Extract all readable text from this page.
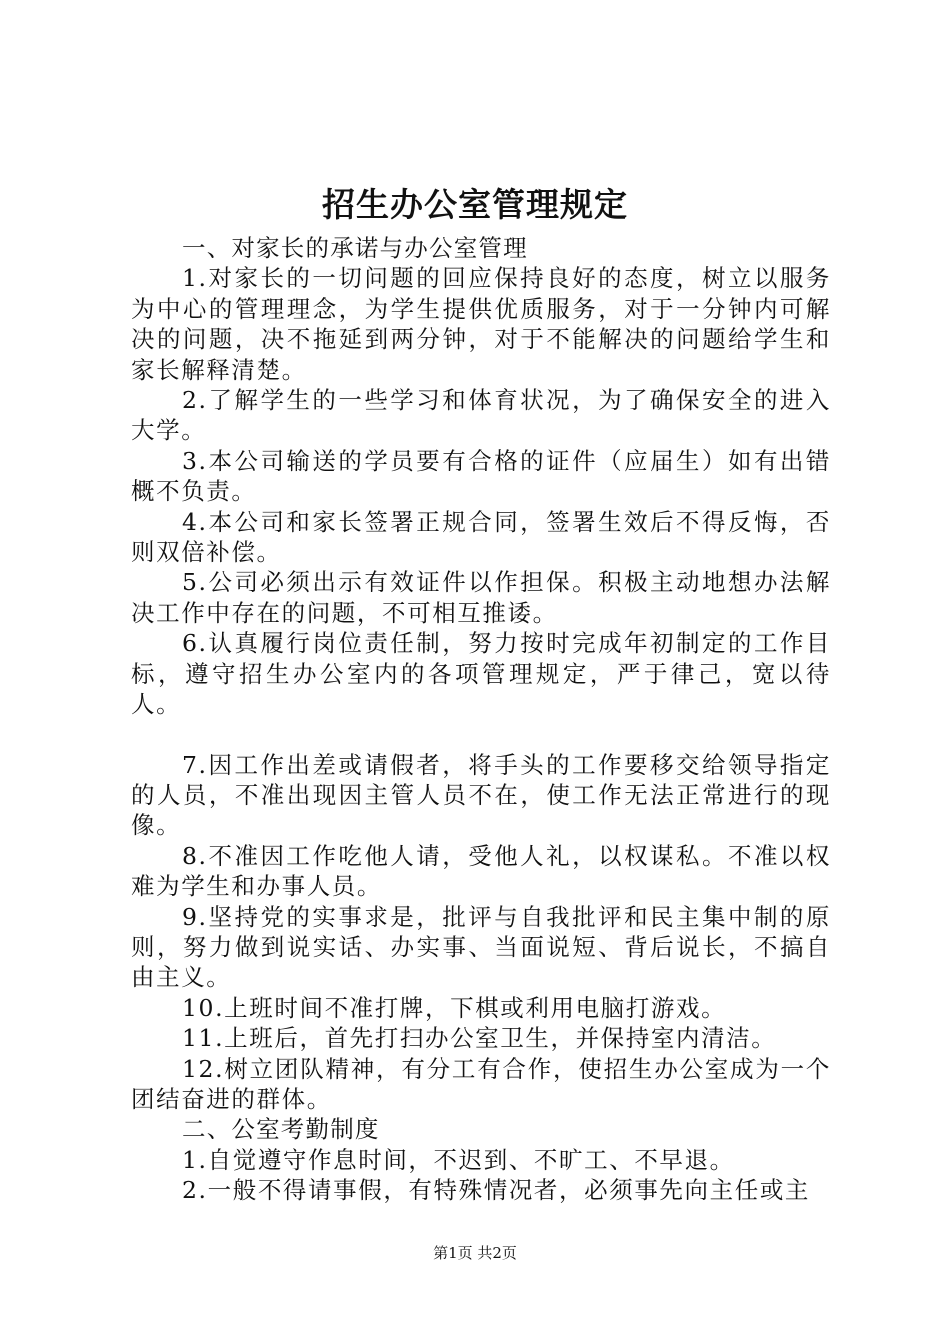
招生办公室管理规定

一、对家长的承诺与办公室管理

1.对家长的一切问题的回应保持良好的态度，树立以服务为中心的管理理念，为学生提供优质服务，对于一分钟内可解决的问题，决不拖延到两分钟，对于不能解决的问题给学生和家长解释清楚。

2.了解学生的一些学习和体育状况，为了确保安全的进入大学。

3.本公司输送的学员要有合格的证件（应届生）如有出错概不负责。

4.本公司和家长签署正规合同，签署生效后不得反悔，否则双倍补偿。

5.公司必须出示有效证件以作担保。积极主动地想办法解决工作中存在的问题，不可相互推诿。

6.认真履行岗位责任制，努力按时完成年初制定的工作目标，遵守招生办公室内的各项管理规定，严于律己，宽以待人。

7.因工作出差或请假者，将手头的工作要移交给领导指定的人员，不准出现因主管人员不在，使工作无法正常进行的现像。

8.不准因工作吃他人请，受他人礼，以权谋私。不准以权难为学生和办事人员。

9.坚持党的实事求是，批评与自我批评和民主集中制的原则，努力做到说实话、办实事、当面说短、背后说长，不搞自由主义。

10.上班时间不准打牌，下棋或利用电脑打游戏。

11.上班后，首先打扫办公室卫生，并保持室内清洁。

12.树立团队精神，有分工有合作，使招生办公室成为一个团结奋进的群体。

二、公室考勤制度

1.自觉遵守作息时间，不迟到、不旷工、不早退。

2.一般不得请事假，有特殊情况者，必须事先向主任或主

第1页 共2页
